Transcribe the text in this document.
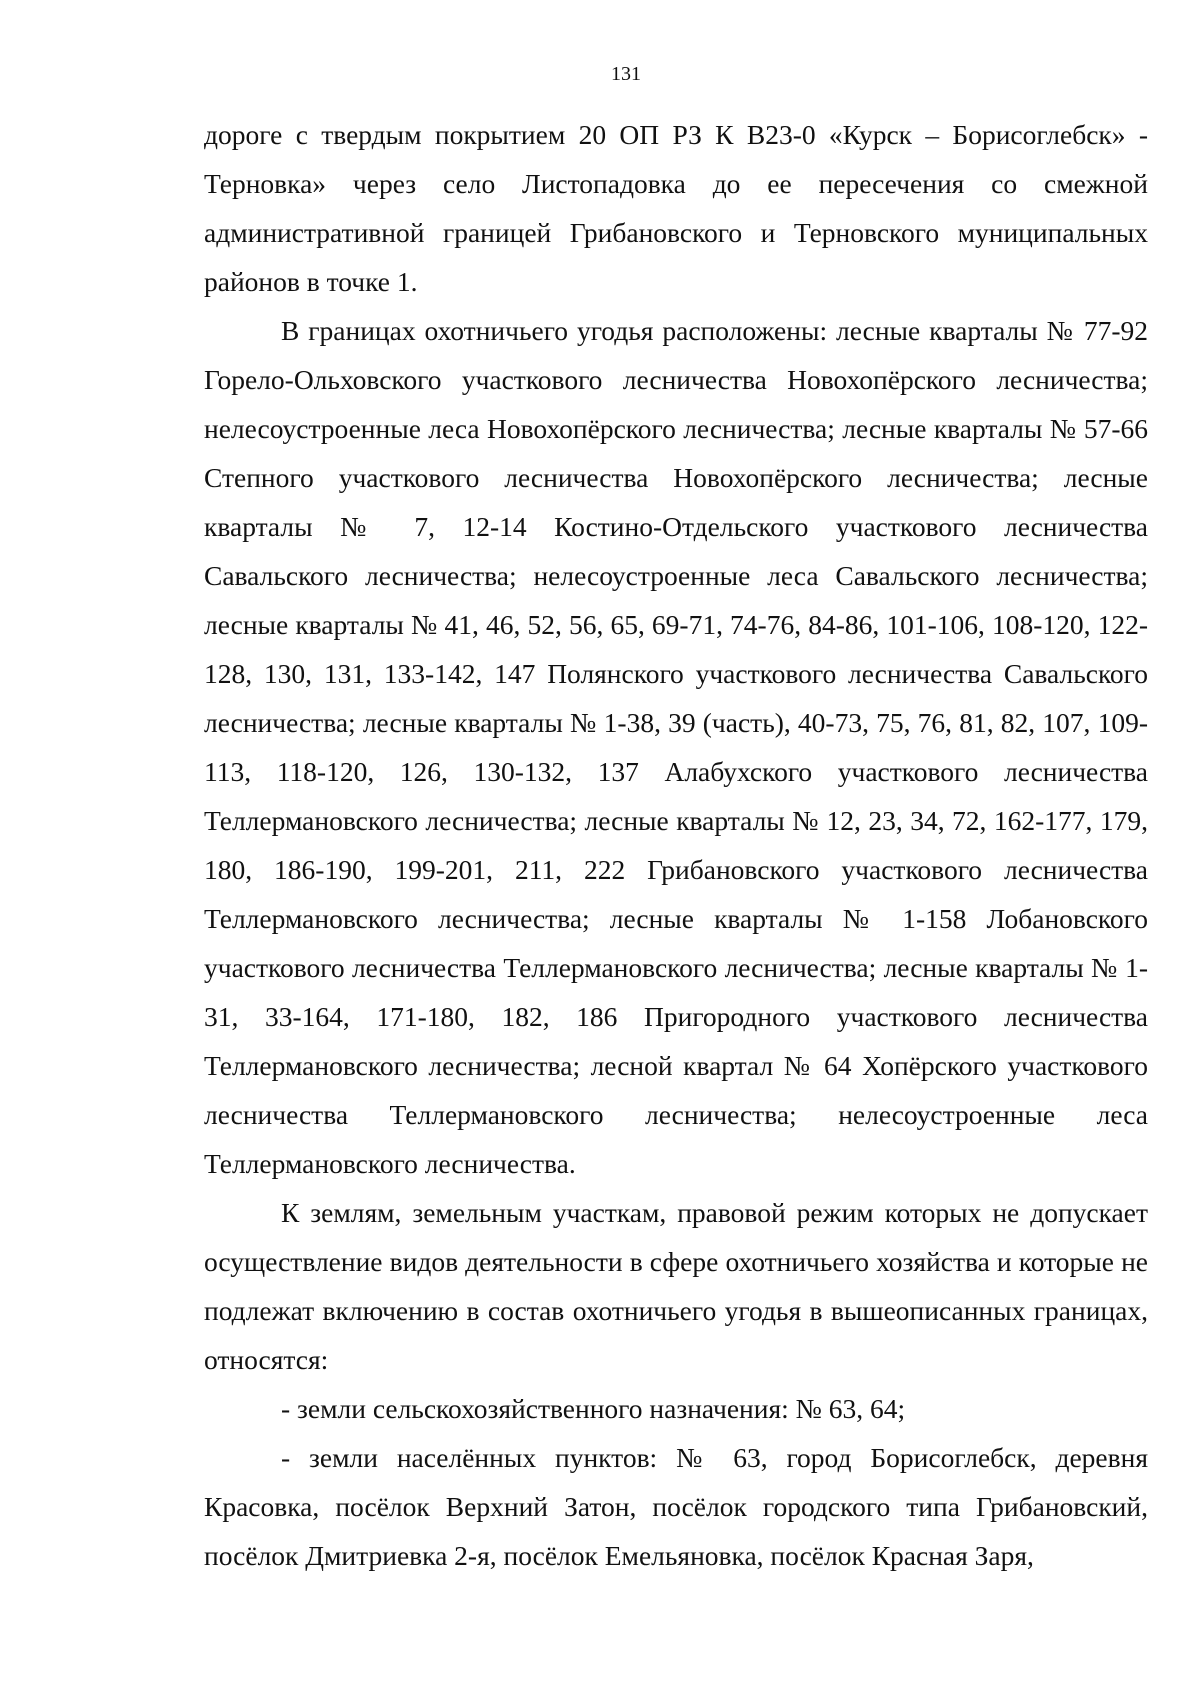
131

дороге с твердым покрытием 20 ОП РЗ К В23-0 «Курск – Борисоглебск» - Терновка» через село Листопадовка до ее пересечения со смежной административной границей Грибановского и Терновского муниципальных районов в точке 1.

В границах охотничьего угодья расположены: лесные кварталы № 77-92 Горело-Ольховского участкового лесничества Новохопёрского лесничества; нелесоустроенные леса Новохопёрского лесничества; лесные кварталы № 57-66 Степного участкового лесничества Новохопёрского лесничества; лесные кварталы № 7, 12-14 Костино-Отдельского участкового лесничества Савальского лесничества; нелесоустроенные леса Савальского лесничества; лесные кварталы № 41, 46, 52, 56, 65, 69-71, 74-76, 84-86, 101-106, 108-120, 122-128, 130, 131, 133-142, 147 Полянского участкового лесничества Савальского лесничества; лесные кварталы № 1-38, 39 (часть), 40-73, 75, 76, 81, 82, 107, 109-113, 118-120, 126, 130-132, 137 Алабухского участкового лесничества Теллермановского лесничества; лесные кварталы № 12, 23, 34, 72, 162-177, 179, 180, 186-190, 199-201, 211, 222 Грибановского участкового лесничества Теллермановского лесничества; лесные кварталы № 1-158 Лобановского участкового лесничества Теллермановского лесничества; лесные кварталы № 1-31, 33-164, 171-180, 182, 186 Пригородного участкового лесничества Теллермановского лесничества; лесной квартал № 64 Хопёрского участкового лесничества Теллермановского лесничества; нелесоустроенные леса Теллермановского лесничества.

К землям, земельным участкам, правовой режим которых не допускает осуществление видов деятельности в сфере охотничьего хозяйства и которые не подлежат включению в состав охотничьего угодья в вышеописанных границах, относятся:

- земли сельскохозяйственного назначения: № 63, 64;

- земли населённых пунктов: № 63, город Борисоглебск, деревня Красовка, посёлок Верхний Затон, посёлок городского типа Грибановский, посёлок Дмитриевка 2-я, посёлок Емельяновка, посёлок Красная Заря,
